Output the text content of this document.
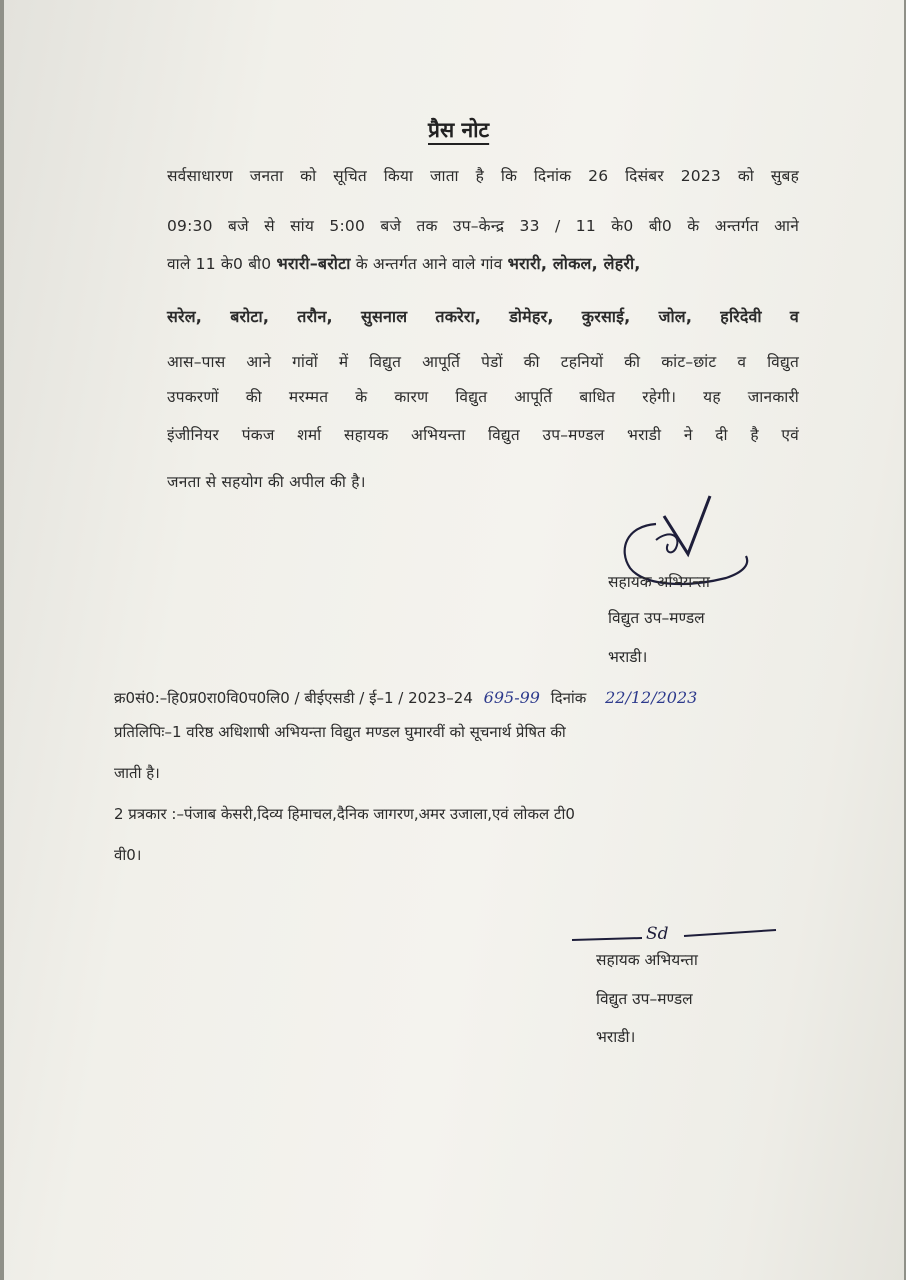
प्रैस नोट
सर्वसाधारण जनता को सूचित किया जाता है कि दिनांक 26 दिसंबर 2023 को सुबह
09:30 बजे से सांय 5:00 बजे तक उप–केन्द्र 33 / 11 के0 बी0 के अन्तर्गत आने
वाले 11 के0 बी0 भरारी–बरोटा के अन्तर्गत आने वाले गांव भरारी, लोकल, लेहरी,
सरेल, बरोटा, तरौन, सुसनाल तकरेरा, डोमेहर, कुरसाई, जोल, हरिदेवी व
आस–पास आने गांवों में विद्युत आपूर्ति पेडों की टहनियों की कांट–छांट व विद्युत
उपकरणों की मरम्मत के कारण विद्युत आपूर्ति बाधित रहेगी। यह जानकारी
इंजीनियर पंकज शर्मा सहायक अभियन्ता विद्युत उप–मण्डल भराडी ने दी है एवं
जनता से सहयोग की अपील की है।
सहायक अभियन्ता
विद्युत उप–मण्डल
भराडी।
क्र0सं0:–हि0प्र0रा0वि0प0लि0 / बीईएसडी / ई–1 / 2023–24 695-99 दिनांक 22/12/2023
प्रतिलिपिः–1 वरिष्ठ अधिशाषी अभियन्ता विद्युत मण्डल घुमारवीं को सूचनार्थ प्रेषित की
जाती है।
2 प्रत्रकार :–पंजाब केसरी,दिव्य हिमाचल,दैनिक जागरण,अमर उजाला,एवं लोकल टी0
वी0।
Sd
सहायक अभियन्ता
विद्युत उप–मण्डल
भराडी।
